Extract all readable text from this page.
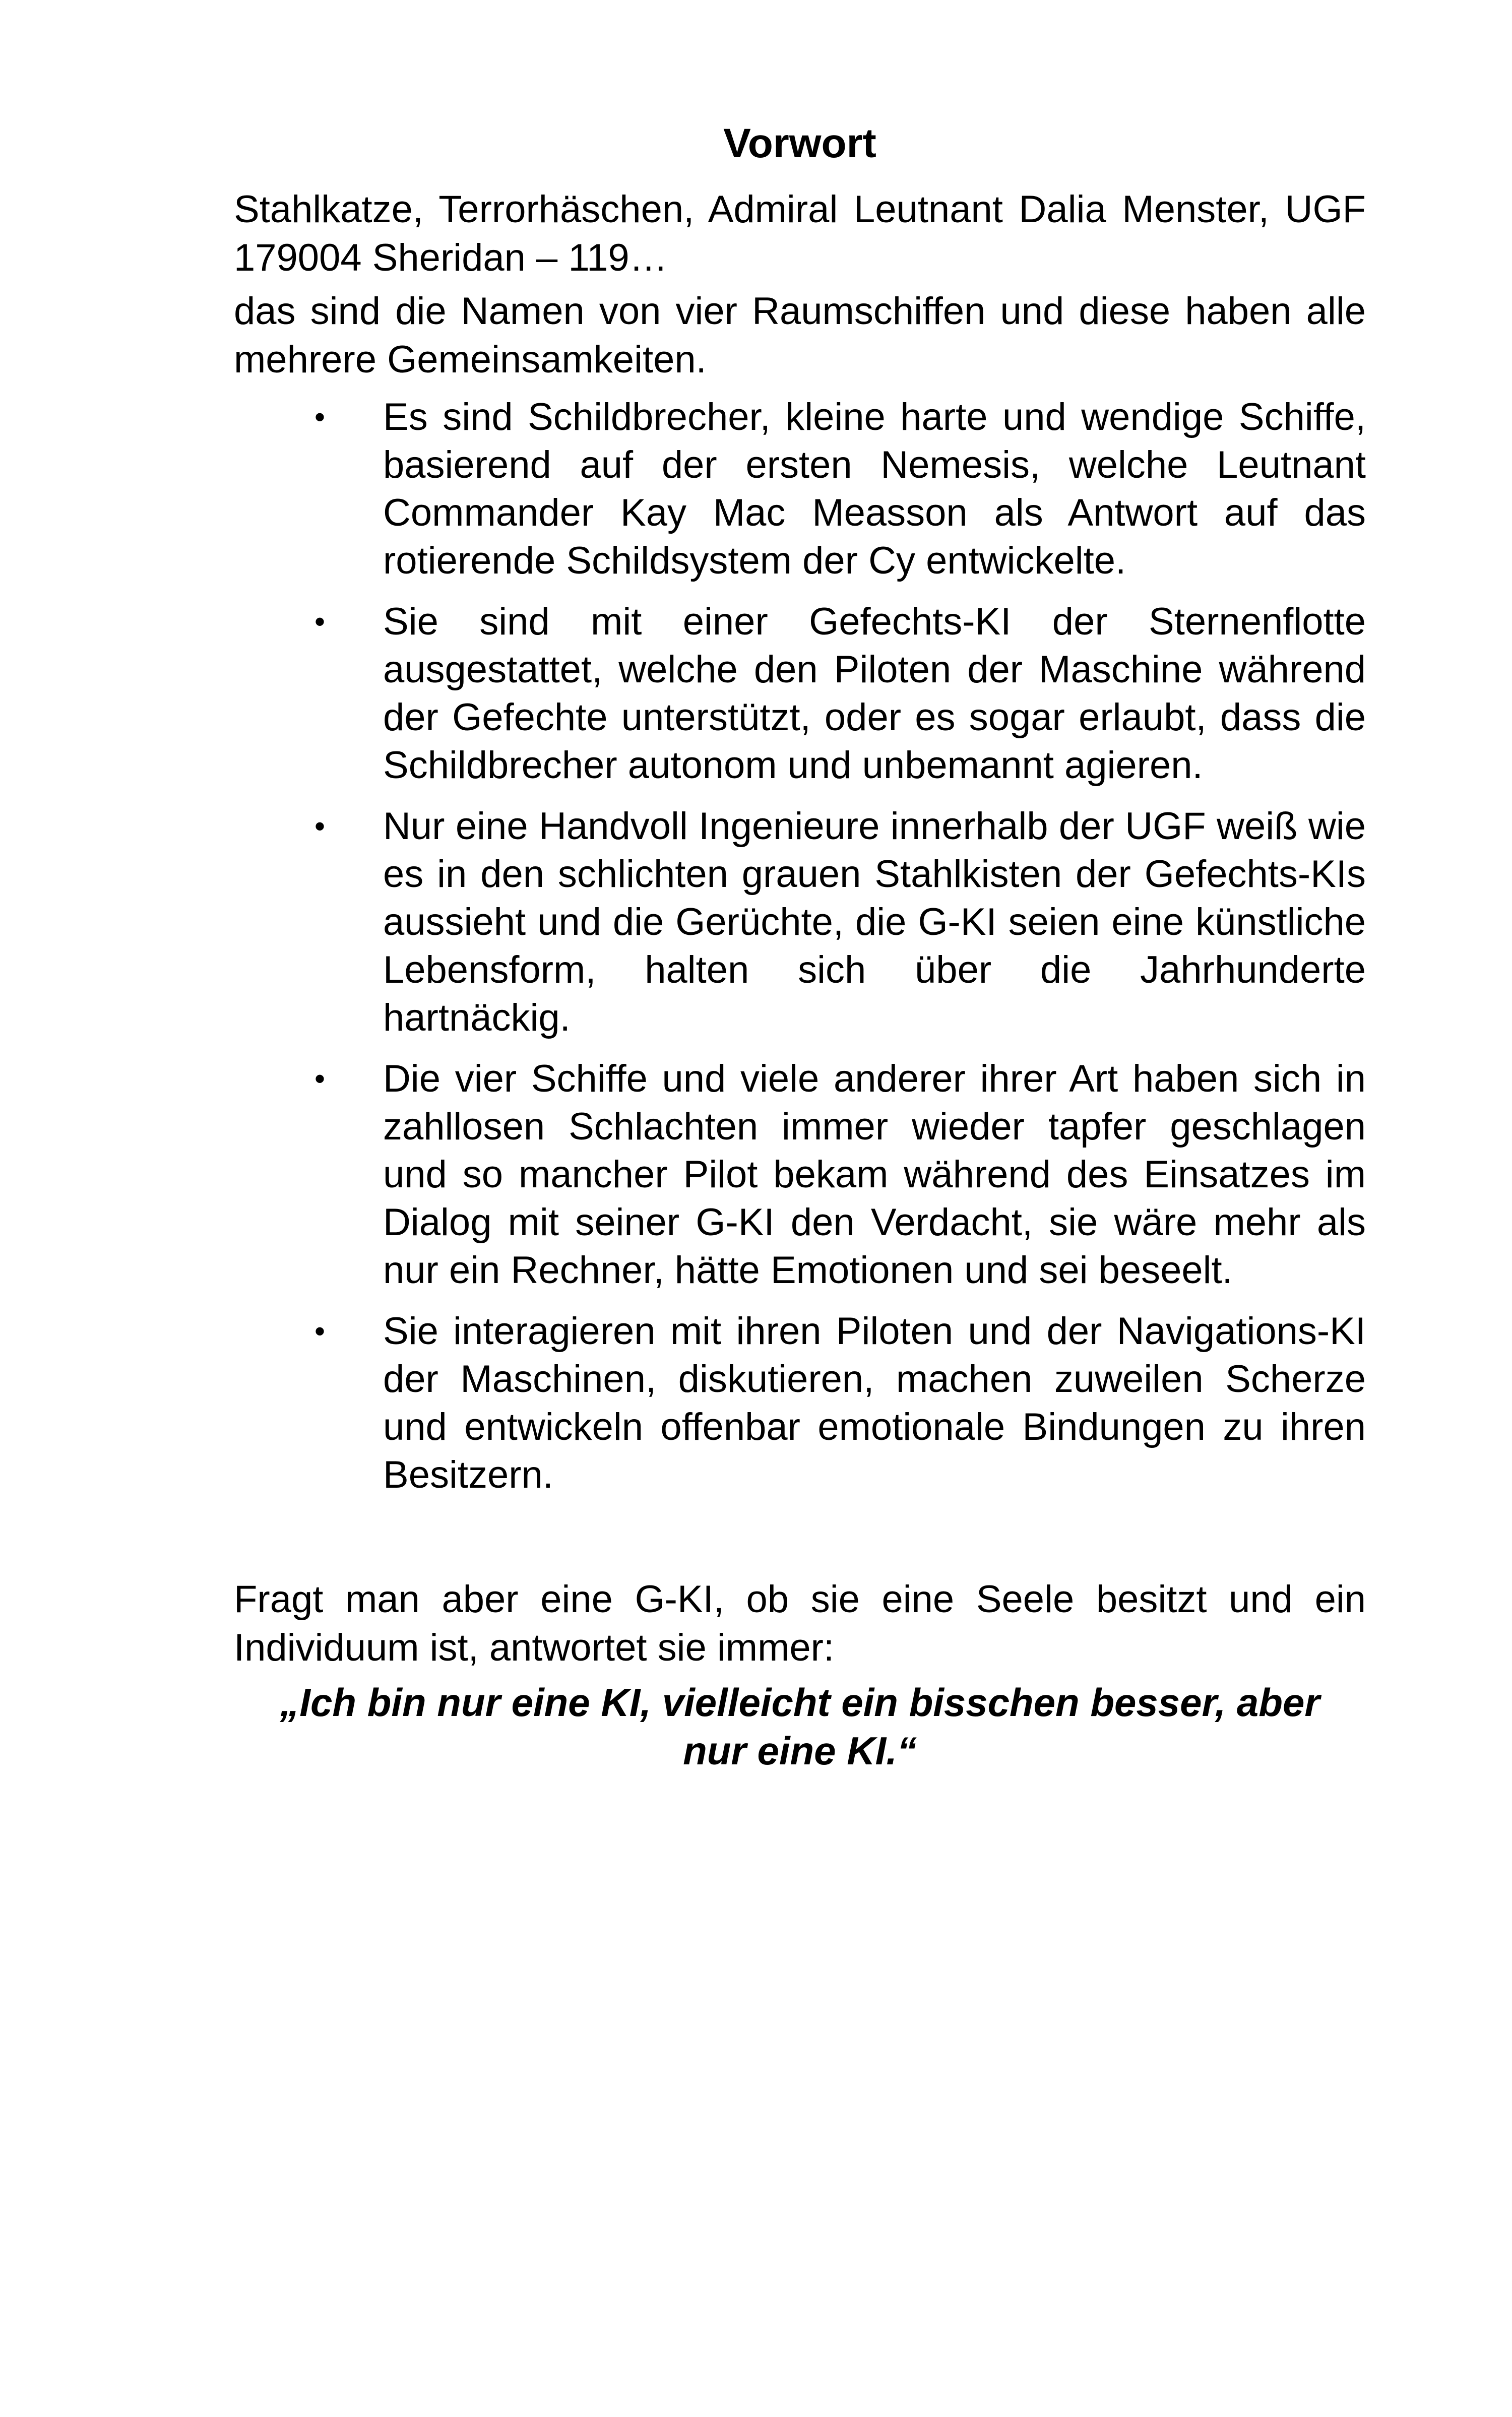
Vorwort

Stahlkatze, Terrorhäschen, Admiral Leutnant Dalia Menster, UGF 179004 Sheridan – 119…

das sind die Namen von vier Raumschiffen und diese haben alle mehrere Gemeinsamkeiten.

• Es sind Schildbrecher, kleine harte und wendige Schiffe, basierend auf der ersten Nemesis, welche Leutnant Commander Kay Mac Measson als Antwort auf das rotierende Schildsystem der Cy entwickelte.
• Sie sind mit einer Gefechts-KI der Sternenflotte ausgestattet, welche den Piloten der Maschine während der Gefechte unterstützt, oder es sogar erlaubt, dass die Schildbrecher autonom und unbemannt agieren.
• Nur eine Handvoll Ingenieure innerhalb der UGF weiß wie es in den schlichten grauen Stahlkisten der Gefechts-KIs aussieht und die Gerüchte, die G-KI seien eine künstliche Lebensform, halten sich über die Jahrhunderte hartnäckig.
• Die vier Schiffe und viele anderer ihrer Art haben sich in zahllosen Schlachten immer wieder tapfer geschlagen und so mancher Pilot bekam während des Einsatzes im Dialog mit seiner G-KI den Verdacht, sie wäre mehr als nur ein Rechner, hätte Emotionen und sei beseelt.
• Sie interagieren mit ihren Piloten und der Navigations-KI der Maschinen, diskutieren, machen zuweilen Scherze und entwickeln offenbar emotionale Bindungen zu ihren Besitzern.

Fragt man aber eine G-KI, ob sie eine Seele besitzt und ein Individuum ist, antwortet sie immer:

„Ich bin nur eine KI, vielleicht ein bisschen besser, aber nur eine KI.“
